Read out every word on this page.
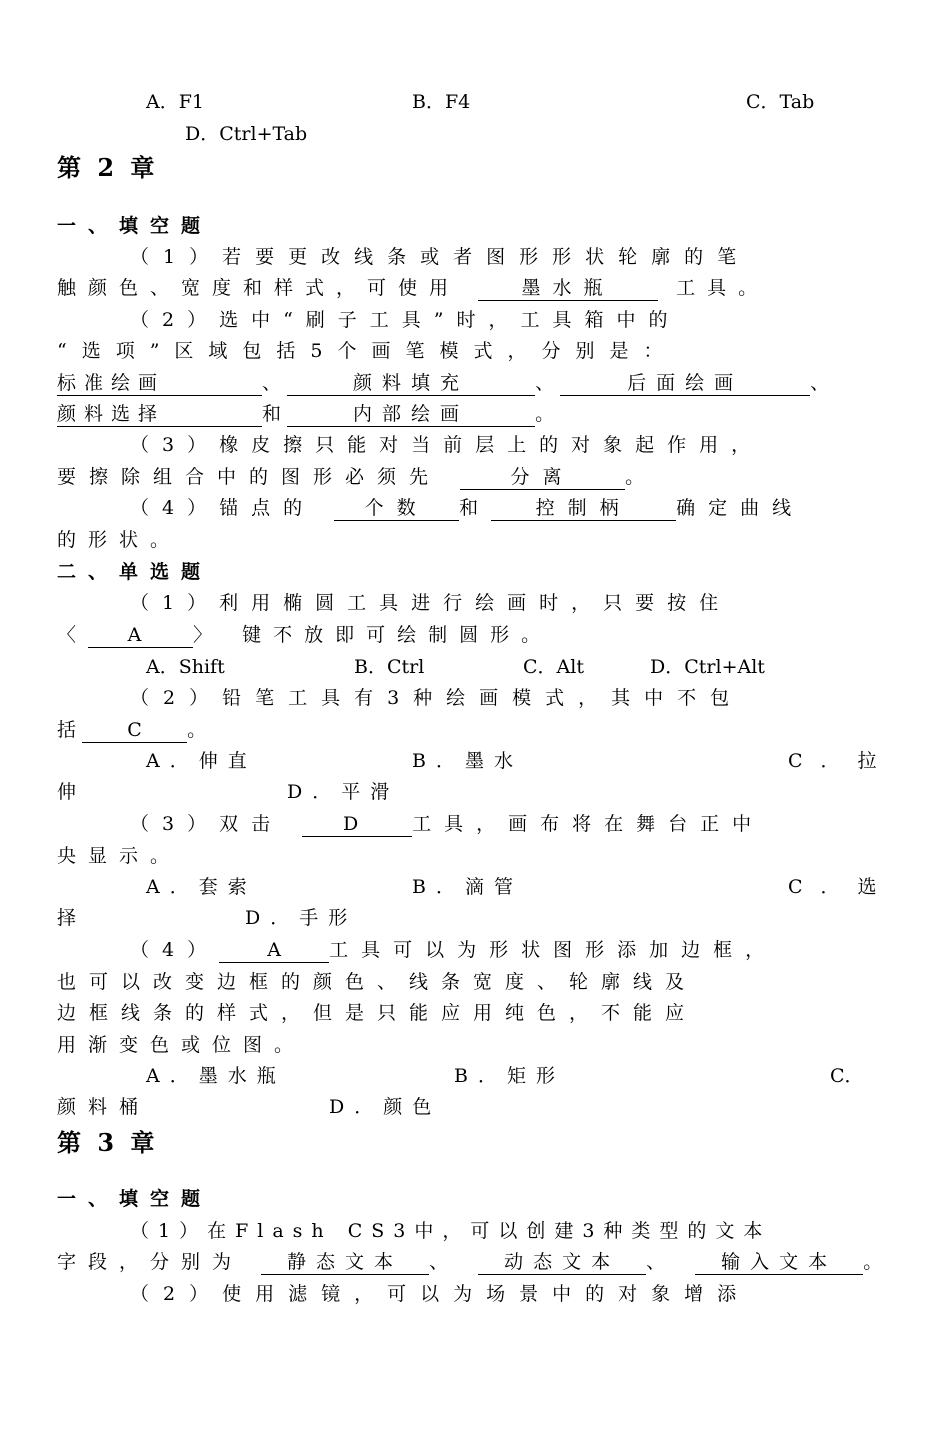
A．F1	B．F4	C．Tab
D．Ctrl+Tab
第 2 章
一、填空题
（1）若要更改线条或者图形形状轮廓的笔
触颜色、宽度和样式，可使用	墨水瓶	工具。
（2）选中“刷子工具”时，工具箱中的
“选项”区域包括5个画笔模式，分别是：
标准绘画	、	颜料填充	、	后面绘画	、
颜料选择	和	内部绘画	。
（3）橡皮擦只能对当前层上的对象起作用，
要擦除组合中的图形必须先	分离	。
（4）锚点的	个数 和 控制柄 确定曲线
的形状。
二、单选题
（1）利用椭圆工具进行绘画时，只要按住
〈 A 〉 键不放即可绘制圆形。
A．Shift	B．Ctrl	C．Alt	D．Ctrl+Alt
（2）铅笔工具有3种绘画模式，其中不包
括	C 。
A．伸直	B．墨水	C．拉
伸	D．平滑
（3）双击	D 工具，画布将在舞台正中
央显示。
A．套索	B．滴管	C．选
择	D．手形
（4）	A	工具可以为形状图形添加边框，
也可以改变边框的颜色、线条宽度、轮廓线及
边框线条的样式，但是只能应用纯色，不能应
用渐变色或位图。
A．墨水瓶	B．矩形	C．
颜料桶	D．颜色
第 3 章
一、填空题
（1）在Flash CS3中，可以创建3种类型的文本
字段，分别为 静态文本 、 动态文本 、 输入文本 。
（2）使用滤镜，可以为场景中的对象增添
